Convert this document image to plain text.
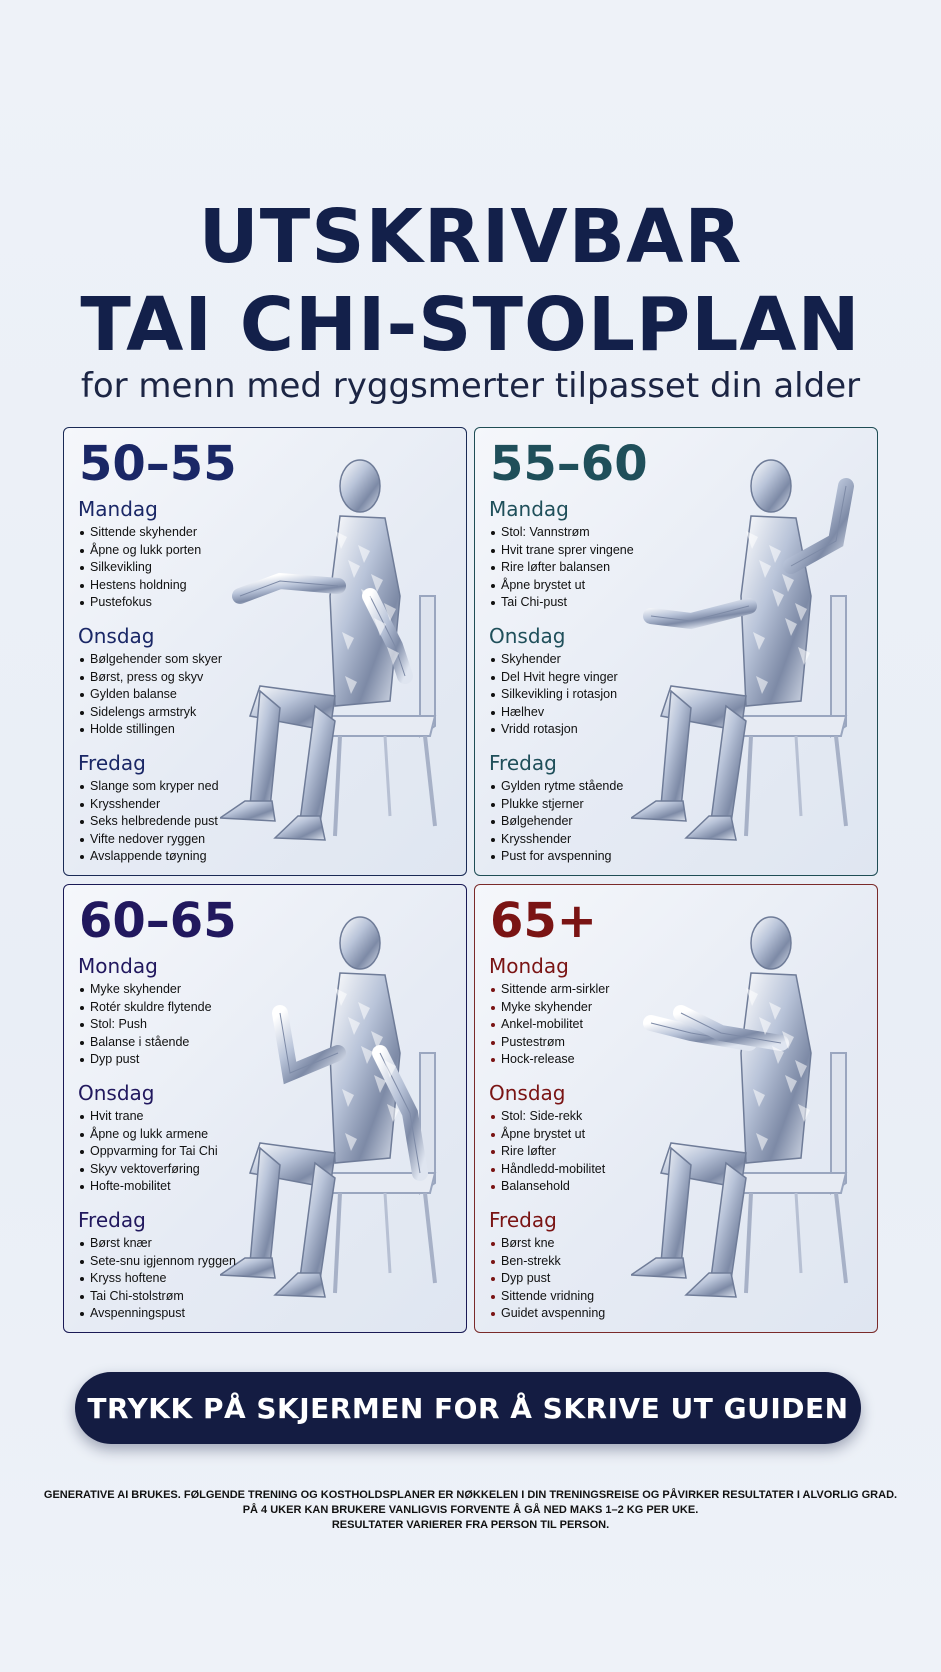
UTSKRIVBAR
TAI CHI-STOLPLAN
for menn med ryggsmerter tilpasset din alder
50–55
Mandag
Sittende skyhender
Åpne og lukk porten
Silkevikling
Hestens holdning
Pustefokus
Onsdag
Bølgehender som skyer
Børst, press og skyv
Gylden balanse
Sidelengs armstryk
Holde stillingen
Fredag
Slange som kryper ned
Krysshender
Seks helbredende pust
Vifte nedover ryggen
Avslappende tøyning
55–60
Mandag
Stol: Vannstrøm
Hvit trane sprer vingene
Rire løfter balansen
Åpne brystet ut
Tai Chi-pust
Onsdag
Skyhender
Del Hvit hegre vinger
Silkevikling i rotasjon
Hælhev
Vridd rotasjon
Fredag
Gylden rytme stående
Plukke stjerner
Bølgehender
Krysshender
Pust for avspenning
60–65
Mondag
Myke skyhender
Rotér skuldre flytende
Stol: Push
Balanse i stående
Dyp pust
Onsdag
Hvit trane
Åpne og lukk armene
Oppvarming for Tai Chi
Skyv vektoverføring
Hofte-mobilitet
Fredag
Børst knær
Sete-snu igjennom ryggen
Kryss hoftene
Tai Chi-stolstrøm
Avspenningspust
65+
Mondag
Sittende arm-sirkler
Myke skyhender
Ankel-mobilitet
Pustestrøm
Hock-release
Onsdag
Stol: Side-rekk
Åpne brystet ut
Rire løfter
Håndledd-mobilitet
Balansehold
Fredag
Børst kne
Ben-strekk
Dyp pust
Sittende vridning
Guidet avspenning
TRYKK PÅ SKJERMEN FOR Å SKRIVE UT GUIDEN
GENERATIVE AI BRUKES. FØLGENDE TRENING OG KOSTHOLDSPLANER ER NØKKELEN I DIN TRENINGSREISE OG PÅVIRKER RESULTATER I ALVORLIG GRAD.
PÅ 4 UKER KAN BRUKERE VANLIGVIS FORVENTE Å GÅ NED MAKS 1–2 KG PER UKE.
RESULTATER VARIERER FRA PERSON TIL PERSON.
